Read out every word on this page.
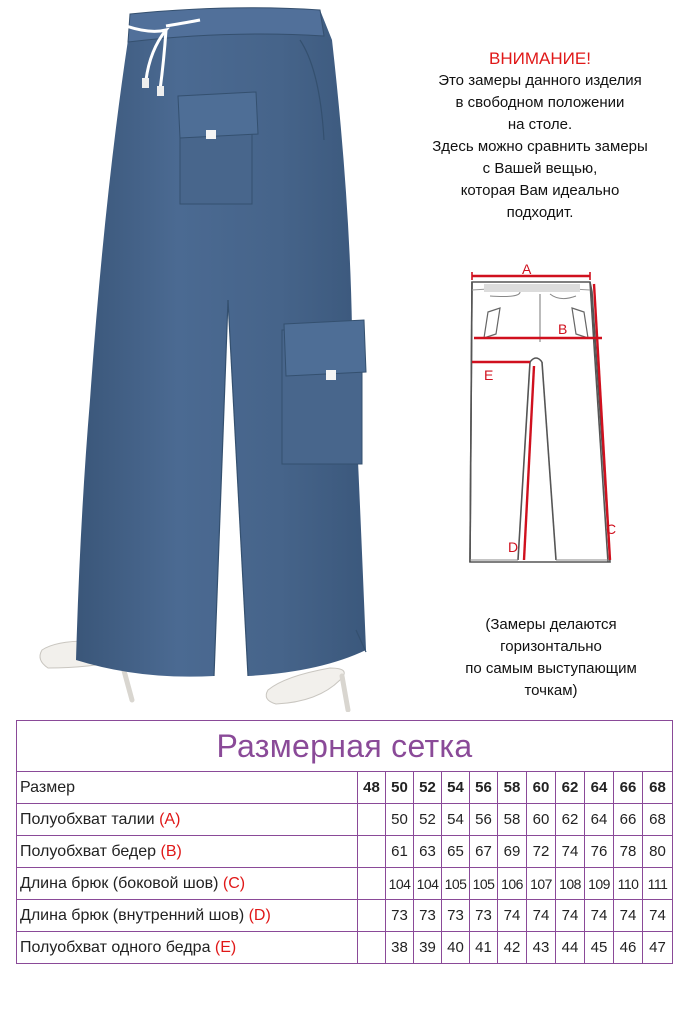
ВНИМАНИЕ!
Это замеры данного изделия
в свободном положении
на столе.
Здесь можно сравнить замеры
с Вашей вещью,
которая Вам идеально
подходит.
A
B
E
C
D
(Замеры делаются
горизонтально
по самым выступающим
точкам)
Размерная сетка											
Размер	48	50	52	54	56	58	60	62	64	66	68
Полуобхват талии (A)		50	52	54	56	58	60	62	64	66	68
Полуобхват бедер (B)		61	63	65	67	69	72	74	76	78	80
Длина брюк (боковой шов) (C)		104	104	105	105	106	107	108	109	110	111
Длина брюк (внутренний шов) (D)		73	73	73	73	74	74	74	74	74	74
Полуобхват одного бедра (E)		38	39	40	41	42	43	44	45	46	47
